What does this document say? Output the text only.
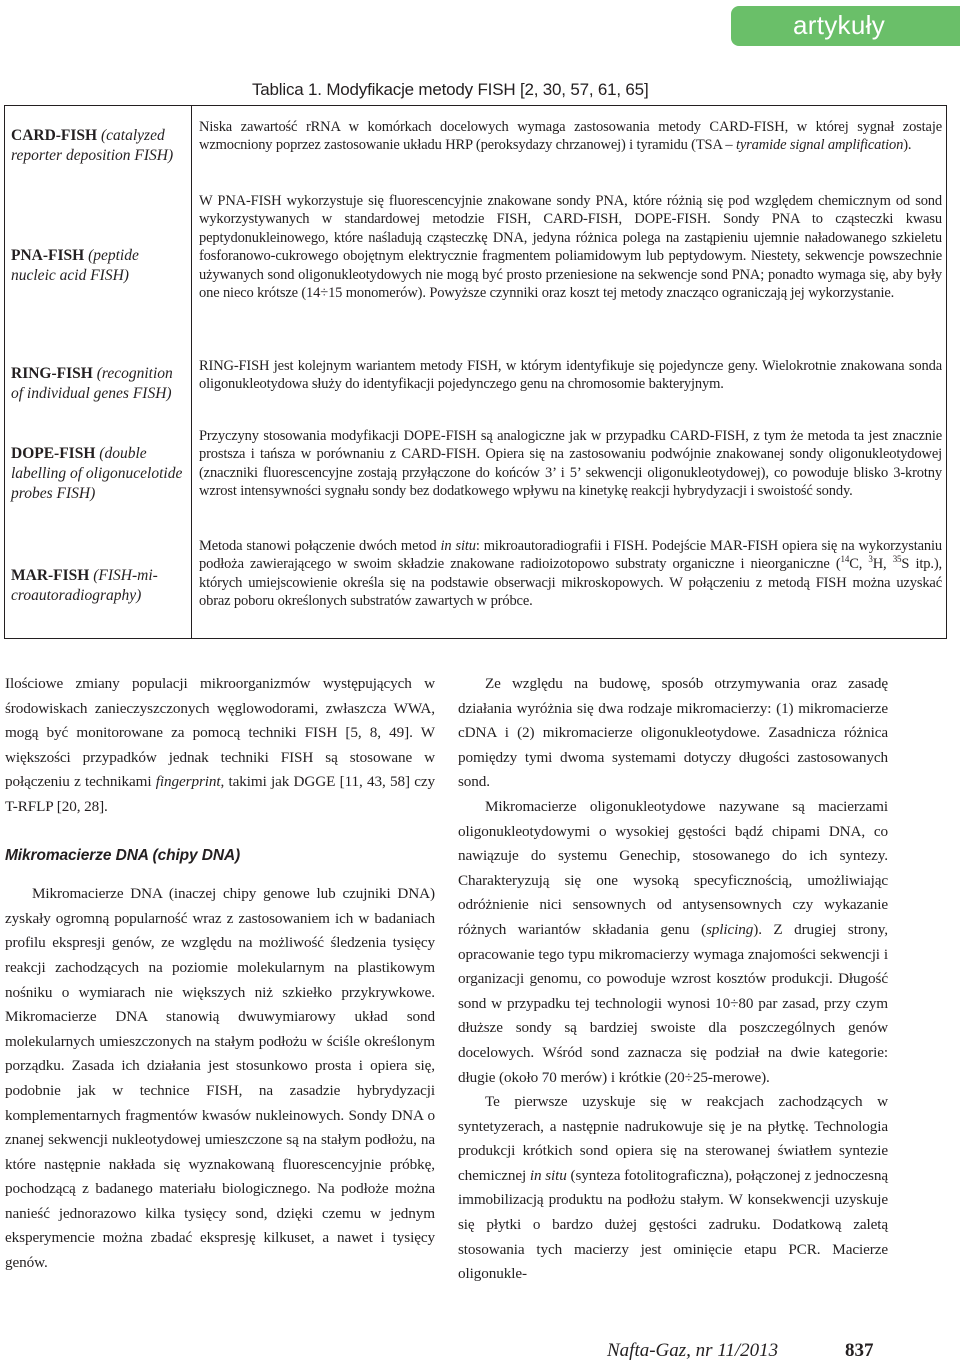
artykuły
Tablica 1. Modyfikacje metody FISH [2, 30, 57, 61, 65]
CARD-FISH (catalyzed
reporter deposition FISH)
Niska zawartość rRNA w komórkach docelowych wymaga zastosowania metody CARD-FISH, w której sygnał zostaje wzmocniony poprzez zastosowanie układu HRP (peroksydazy chrzanowej) i tyramidu (TSA – tyramide signal amplification).
PNA-FISH (peptide
nucleic acid FISH)
W PNA-FISH wykorzystuje się fluorescencyjnie znakowane sondy PNA, które różnią się pod względem chemicznym od sond wykorzystywanych w standardowej metodzie FISH, CARD-FISH, DOPE-FISH. Sondy PNA to cząsteczki kwasu peptydonukleinowego, które naśladują cząsteczkę DNA, jedyna różnica polega na zastąpieniu ujemnie naładowanego szkieletu fosforanowo-cukrowego obojętnym elektrycznie fragmentem poliamidowym lub peptydowym. Niestety, sekwencje powszechnie używanych sond oligonukleotydowych nie mogą być prosto przeniesione na sekwencje sond PNA; ponadto wymaga się, aby były one nieco krótsze (14÷15 monomerów). Powyższe czynniki oraz koszt tej metody znacząco ograniczają jej wykorzystanie.
RING-FISH (recognition
of individual genes FISH)
RING-FISH jest kolejnym wariantem metody FISH, w którym identyfikuje się pojedyncze geny. Wielokrotnie znakowana sonda oligonukleotydowa służy do identyfikacji pojedynczego genu na chromosomie bakteryjnym.
DOPE-FISH (double
labelling of oligonucelotide probes FISH)
Przyczyny stosowania modyfikacji DOPE-FISH są analogiczne jak w przypadku CARD-FISH, z tym że metoda ta jest znacznie prostsza i tańsza w porównaniu z CARD-FISH. Opiera się na zastosowaniu podwójnie znakowanej sondy oligonukleotydowej (znaczniki fluorescencyjne zostają przyłączone do końców 3’ i 5’ sekwencji oligonukleotydowej), co powoduje blisko 3-krotny wzrost intensywności sygnału sondy bez dodatkowego wpływu na kinetykę reakcji hybrydyzacji i swoistość sondy.
MAR-FISH (FISH-mi-
croautoradiography)
Metoda stanowi połączenie dwóch metod in situ: mikroautoradiografii i FISH. Podejście MAR-FISH opiera się na wykorzystaniu podłoża zawierającego w swoim składzie znakowane radioizotopowo substraty organiczne i nieorganiczne ($^{14}$C, $^3$H, $^{35}$S itp.), których umiejscowienie określa się na podstawie obserwacji mikroskopowych. W połączeniu z metodą FISH można uzyskać obraz poboru określonych substratów zawartych w próbce.

Ilościowe zmiany populacji mikroorganizmów występujących w środowiskach zanieczyszczonych węglowodorami, zwłaszcza WWA, mogą być monitorowane za pomocą techniki FISH [5, 8, 49]. W większości przypadków jednak techniki FISH są stosowane w połączeniu z technikami fingerprint, takimi jak DGGE [11, 43, 58] czy T-RFLP [20, 28].

Mikromacierze DNA (chipy DNA)

Mikromacierze DNA (inaczej chipy genowe lub czujniki DNA) zyskały ogromną popularność wraz z zastosowaniem ich w badaniach profilu ekspresji genów, ze względu na możliwość śledzenia tysięcy reakcji zachodzących na poziomie molekularnym na plastikowym nośniku o wymiarach nie większych niż szkiełko przykrywkowe. Mikromacierze DNA stanowią dwuwymiarowy układ sond molekularnych umieszczonych na stałym podłożu w ściśle określonym porządku. Zasada ich działania jest stosunkowo prosta i opiera się, podobnie jak w technice FISH, na zasadzie hybrydyzacji komplementarnych fragmentów kwasów nukleinowych. Sondy DNA o znanej sekwencji nukleotydowej umieszczone są na stałym podłożu, na które następnie nakłada się wyznakowaną fluorescencyjnie próbkę, pochodzącą z badanego materiału biologicznego. Na podłoże można nanieść jednorazowo kilka tysięcy sond, dzięki czemu w jednym eksperymencie można zbadać ekspresję kilkuset, a nawet i tysięcy genów.

Ze względu na budowę, sposób otrzymywania oraz zasadę działania wyróżnia się dwa rodzaje mikromacierzy: (1) mikromacierze cDNA i (2) mikromacierze oligonukleotydowe. Zasadnicza różnica pomiędzy tymi dwoma systemami dotyczy długości zastosowanych sond.

Mikromacierze oligonukleotydowe nazywane są macierzami oligonukleotydowymi o wysokiej gęstości bądź chipami DNA, co nawiązuje do systemu Genechip, stosowanego do ich syntezy. Charakteryzują się one wysoką specyficznością, umożliwiając odróżnienie nici sensownych od antysensownych czy wykazanie różnych wariantów składania genu (splicing). Z drugiej strony, opracowanie tego typu mikromacierzy wymaga znajomości sekwencji i organizacji genomu, co powoduje wzrost kosztów produkcji. Długość sond w przypadku tej technologii wynosi 10÷80 par zasad, przy czym dłuższe sondy są bardziej swoiste dla poszczególnych genów docelowych. Wśród sond zaznacza się podział na dwie kategorie: długie (około 70 merów) i krótkie (20÷25-merowe).

Te pierwsze uzyskuje się w reakcjach zachodzących w syntetyzerach, a następnie nadrukowuje się je na płytkę. Technologia produkcji krótkich sond opiera się na sterowanej światłem syntezie chemicznej in situ (synteza fotolitograficzna), połączonej z jednoczesną immobilizacją produktu na podłożu stałym. W konsekwencji uzyskuje się płytki o bardzo dużej gęstości zadruku. Dodatkową zaletą stosowania tych macierzy jest ominięcie etapu PCR. Macierze oligonukle-

Nafta-Gaz, nr 11/2013	837
